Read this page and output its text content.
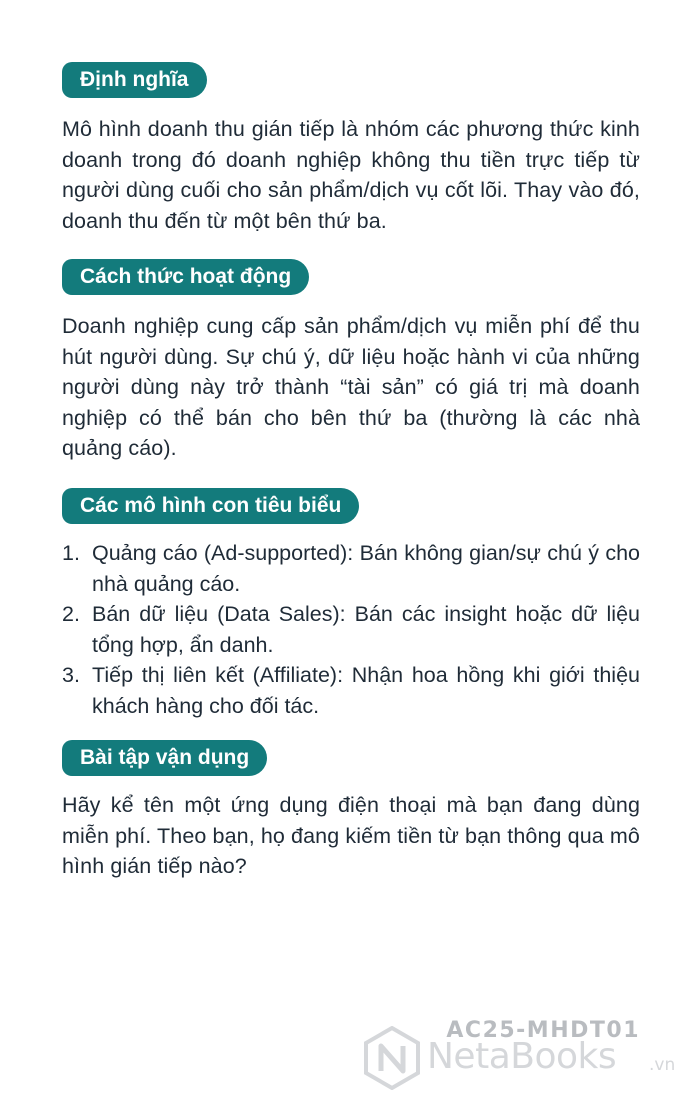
Định nghĩa
Mô hình doanh thu gián tiếp là nhóm các phương thức kinh doanh trong đó doanh nghiệp không thu tiền trực tiếp từ người dùng cuối cho sản phẩm/dịch vụ cốt lõi. Thay vào đó, doanh thu đến từ một bên thứ ba.
Cách thức hoạt động
Doanh nghiệp cung cấp sản phẩm/dịch vụ miễn phí để thu hút người dùng. Sự chú ý, dữ liệu hoặc hành vi của những người dùng này trở thành “tài sản” có giá trị mà doanh nghiệp có thể bán cho bên thứ ba (thường là các nhà quảng cáo).
Các mô hình con tiêu biểu
1. Quảng cáo (Ad-supported): Bán không gian/sự chú ý cho nhà quảng cáo.
2. Bán dữ liệu (Data Sales): Bán các insight hoặc dữ liệu tổng hợp, ẩn danh.
3. Tiếp thị liên kết (Affiliate): Nhận hoa hồng khi giới thiệu khách hàng cho đối tác.
Bài tập vận dụng
Hãy kể tên một ứng dụng điện thoại mà bạn đang dùng miễn phí. Theo bạn, họ đang kiếm tiền từ bạn thông qua mô hình gián tiếp nào?
AC25-MHDT01
NetaBooks .vn
